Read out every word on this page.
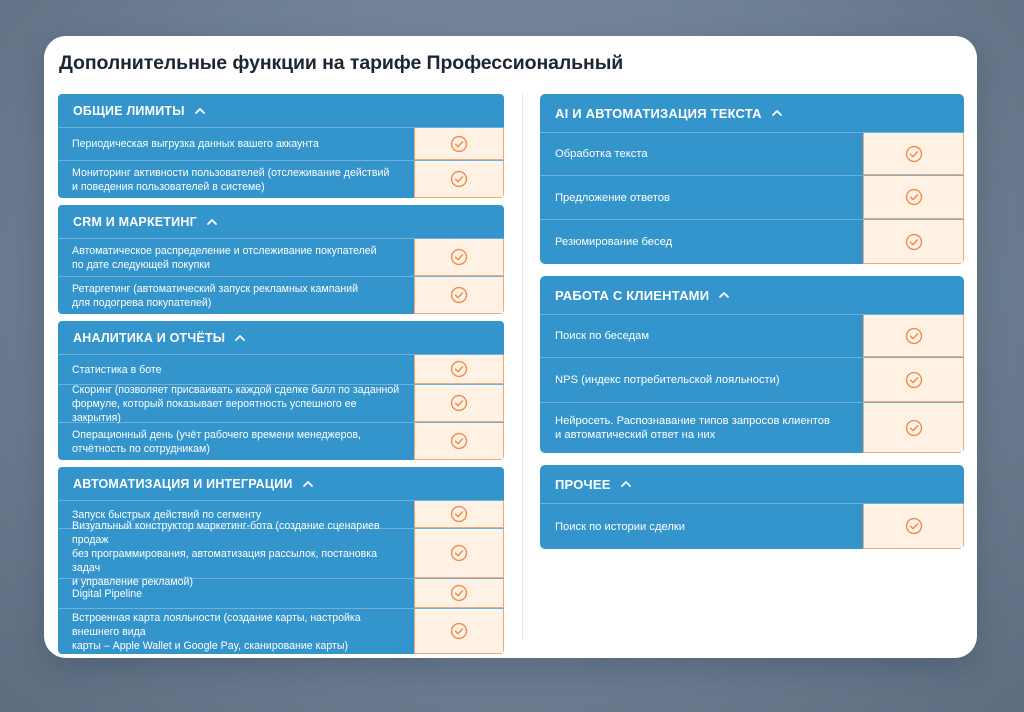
Дополнительные функции на тарифе Профессиональный
ОБЩИЕ ЛИМИТЫ
Периодическая выгрузка данных вашего аккаунта
Мониторинг активности пользователей (отслеживание действий
и поведения пользователей в системе)
CRM И МАРКЕТИНГ
Автоматическое распределение и отслеживание покупателей
по дате следующей покупки
Ретаргетинг (автоматический запуск рекламных кампаний
для подогрева покупателей)
АНАЛИТИКА И ОТЧЁТЫ
Статистика в боте
Скоринг (позволяет присваивать каждой сделке балл по заданной
формуле, который показывает вероятность успешного ее закрытия)
Операционный день (учёт рабочего времени менеджеров,
отчётность по сотрудникам)
АВТОМАТИЗАЦИЯ И ИНТЕГРАЦИИ
Запуск быстрых действий по сегменту
Визуальный конструктор маркетинг-бота (создание сценариев продаж
без программирования, автоматизация рассылок, постановка задач
и управление рекламой)
Digital Pipeline
Встроенная карта лояльности (создание карты, настройка внешнего вида
карты – Apple Wallet и Google Pay, сканирование карты)
AI И АВТОМАТИЗАЦИЯ ТЕКСТА
Обработка текста
Предложение ответов
Резюмирование бесед
РАБОТА С КЛИЕНТАМИ
Поиск по беседам
NPS (индекс потребительской лояльности)
Нейросеть. Распознавание типов запросов клиентов
и автоматический ответ на них
ПРОЧЕЕ
Поиск по истории сделки
